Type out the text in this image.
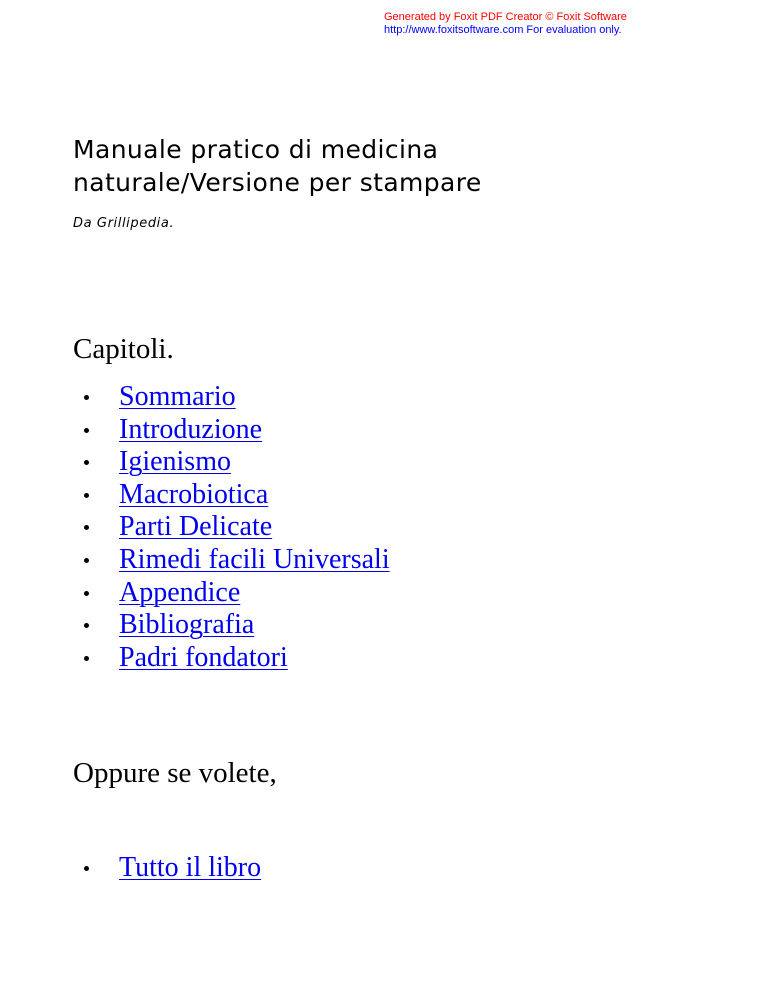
Generated by Foxit PDF Creator © Foxit Software
http://www.foxitsoftware.com For evaluation only.
Manuale pratico di medicina naturale/Versione per stampare
Da Grillipedia.
Capitoli.
Sommario
Introduzione
Igienismo
Macrobiotica
Parti Delicate
Rimedi facili Universali
Appendice
Bibliografia
Padri fondatori
Oppure se volete,
Tutto il libro
